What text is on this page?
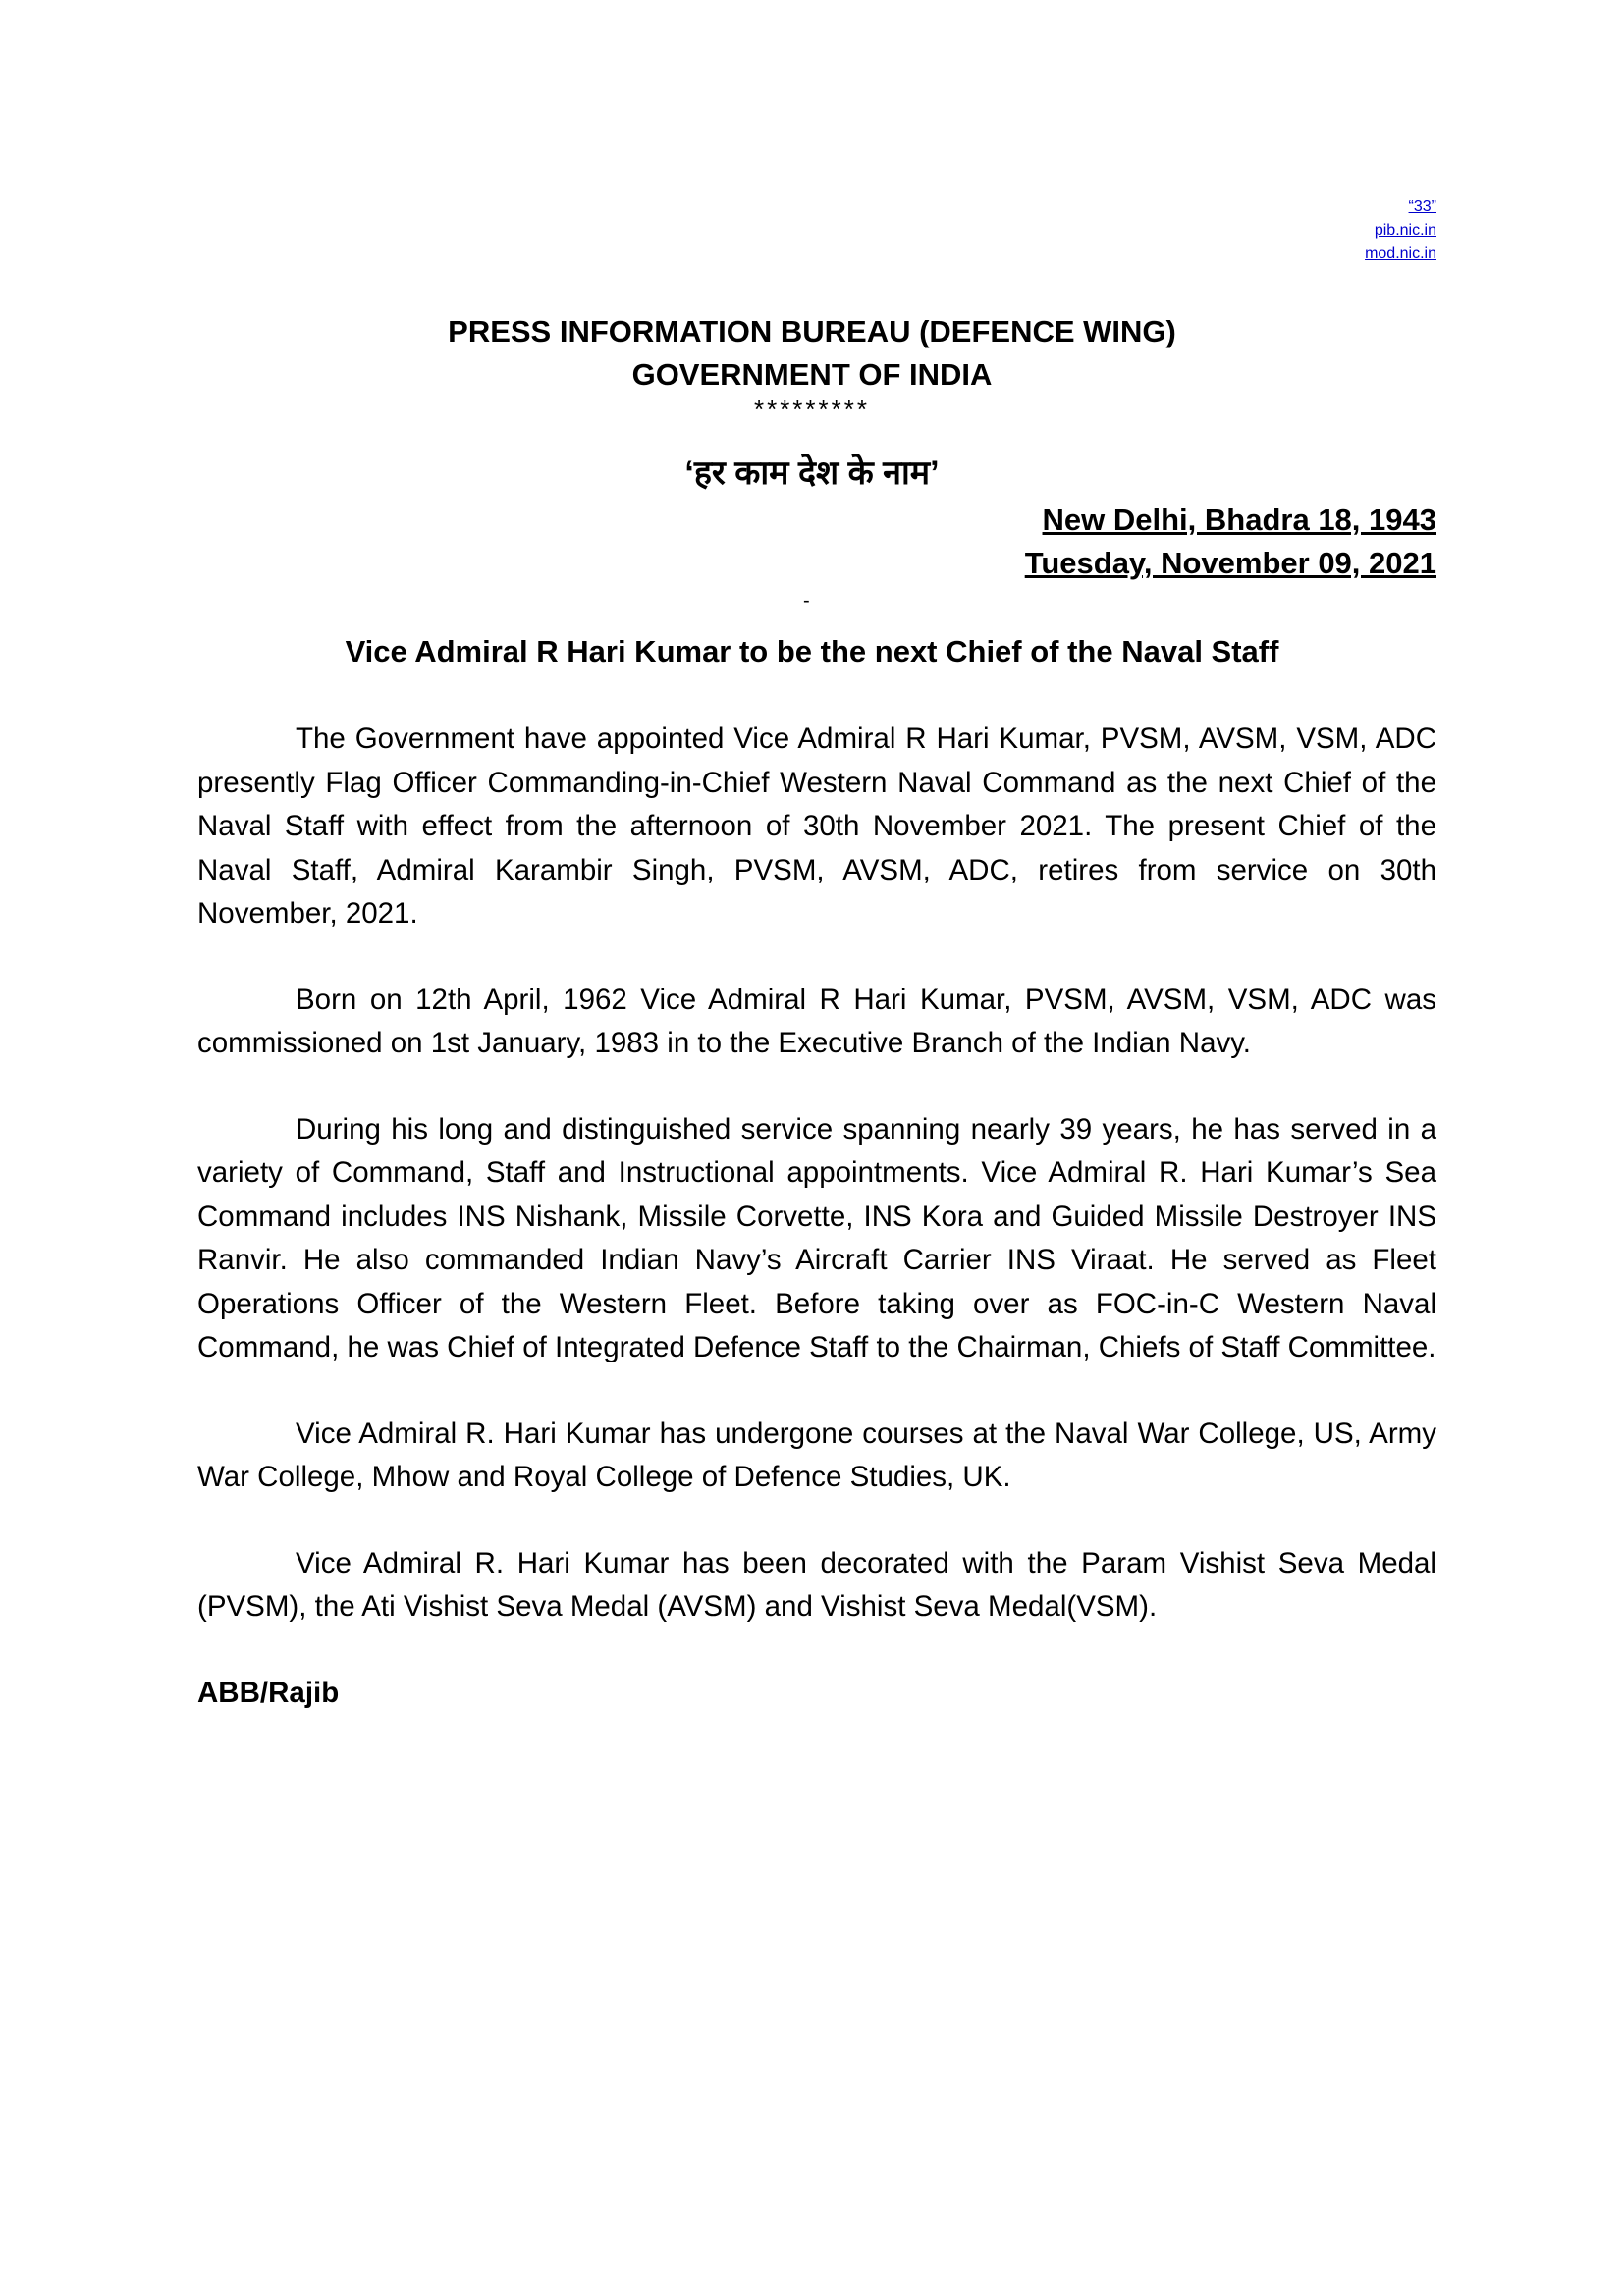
“33”
pib.nic.in
mod.nic.in
PRESS INFORMATION BUREAU (DEFENCE WING)
GOVERNMENT OF INDIA
*********
‘हर काम देश के नाम’
New Delhi, Bhadra 18, 1943
Tuesday, November 09, 2021
-
Vice Admiral R Hari Kumar to be the next Chief of the Naval Staff

The Government have appointed Vice Admiral R Hari Kumar, PVSM, AVSM, VSM, ADC presently Flag Officer Commanding-in-Chief Western Naval Command as the next Chief of the Naval Staff with effect from the afternoon of 30th November 2021. The present Chief of the Naval Staff, Admiral Karambir Singh, PVSM, AVSM, ADC, retires from service on 30th November, 2021.

Born on 12th April, 1962 Vice Admiral R Hari Kumar, PVSM, AVSM, VSM, ADC was commissioned on 1st January, 1983 in to the Executive Branch of the Indian Navy.

During his long and distinguished service spanning nearly 39 years, he has served in a variety of Command, Staff and Instructional appointments. Vice Admiral R. Hari Kumar’s Sea Command includes INS Nishank, Missile Corvette, INS Kora and Guided Missile Destroyer INS Ranvir. He also commanded Indian Navy’s Aircraft Carrier INS Viraat. He served as Fleet Operations Officer of the Western Fleet. Before taking over as FOC-in-C Western Naval Command, he was Chief of Integrated Defence Staff to the Chairman, Chiefs of Staff Committee.

Vice Admiral R. Hari Kumar has undergone courses at the Naval War College, US, Army War College, Mhow and Royal College of Defence Studies, UK.

Vice Admiral R. Hari Kumar has been decorated with the Param Vishist Seva Medal (PVSM), the Ati Vishist Seva Medal (AVSM) and Vishist Seva Medal(VSM).

ABB/Rajib
